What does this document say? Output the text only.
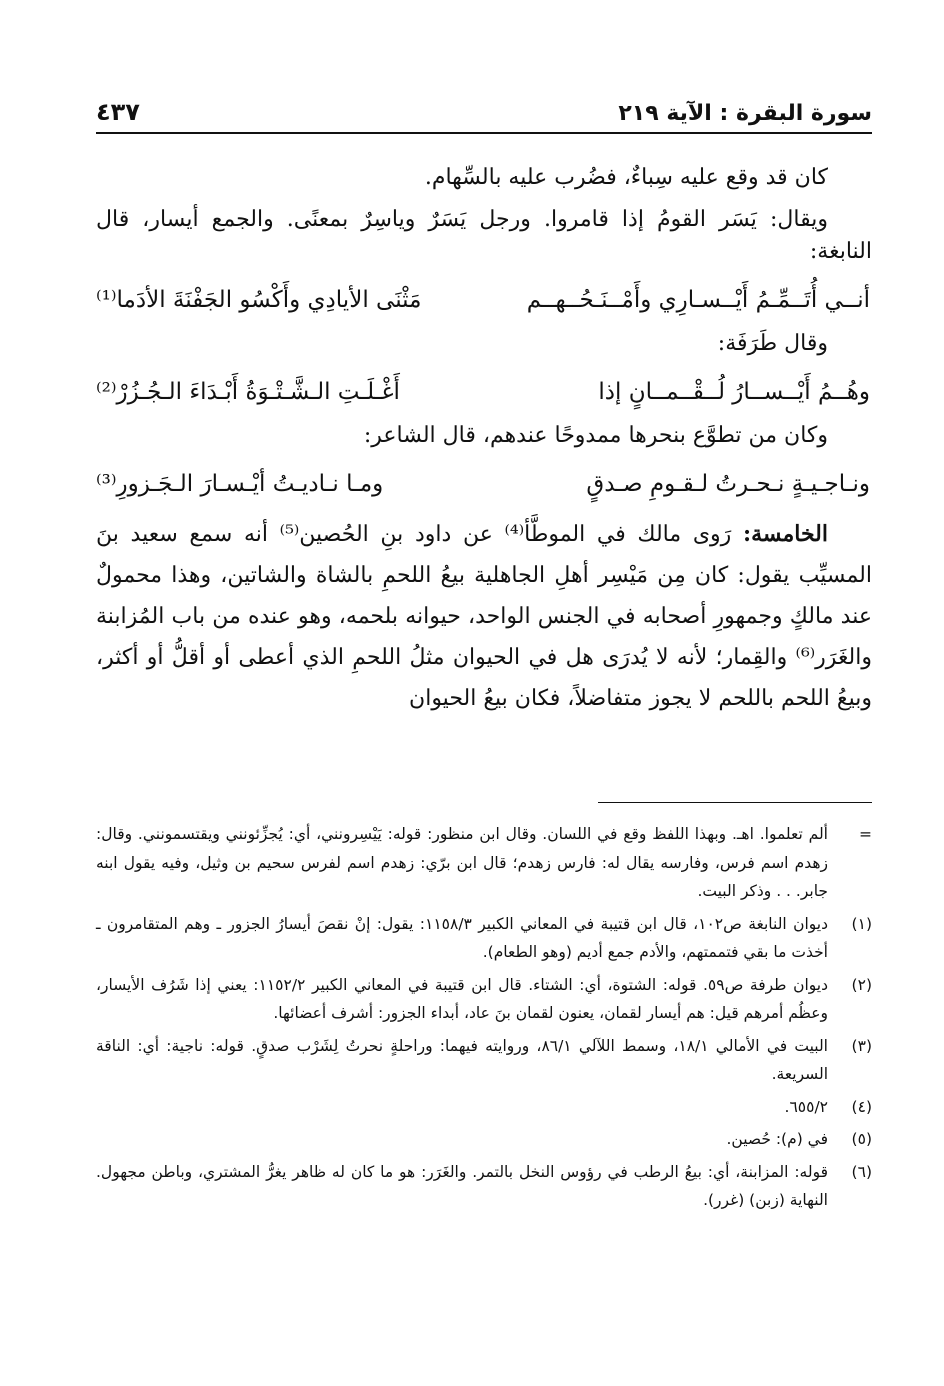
سورة البقرة : الآية ٢١٩
٤٣٧

كان قد وقع عليه سِباءٌ، فضُرب عليه بالسِّهام.

ويقال: يَسَر القومُ إذا قامروا. ورجل يَسَرٌ وياسِرٌ بمعنًى. والجمع أيسار، قال النابغة:

أنــي أُتَــمِّـمُ أَيْــسـارِي وأَمْــنَـحُــهــم
مَثْنَى الأيادِي وأَكْسُو الجَفْنَةَ الأدَما⁽¹⁾

وقال طَرَفَة:

وهُــمُ أَيْــســارُ لُــقْــمــانٍ إذا
أَغْـلَـتِ الـشَّـتْـوَةُ أَبْـدَاءَ الـجُـزُرْ⁽²⁾

وكان من تطوَّع بنحرها ممدوحًا عندهم، قال الشاعر:

ونـاجـيـةٍ نـحـرتُ لـقـومِ صـدقٍ
ومـا نـاديـتُ أيْـسـارَ الـجَـزورِ⁽³⁾

الخامسة: رَوى مالك في الموطَّأ⁽⁴⁾ عن داود بنِ الحُصين⁽⁵⁾ أنه سمع سعيد بنَ المسيِّب يقول: كان مِن مَيْسِر أهلِ الجاهلية بيعُ اللحمِ بالشاة والشاتين، وهذا محمولٌ عند مالكٍ وجمهورِ أصحابه في الجنس الواحد، حيوانه بلحمه، وهو عنده من باب المُزابنة والغَرَر⁽⁶⁾ والقِمار؛ لأنه لا يُدرَى هل في الحيوان مثلُ اللحمِ الذي أعطى أو أقلُّ أو أكثر، وبيعُ اللحم باللحم لا يجوز متفاضلاً، فكان بيعُ الحيوان

=
ألم تعلموا. اهـ. وبهذا اللفظ وقع في اللسان. وقال ابن منظور: قوله: يَيْسِرونني، أي: يُجزِّئونني ويقتسمونني. وقال: زهدم اسم فرس، وفارسه يقال له: فارس زهدم؛ قال ابن برّي: زهدم اسم لفرس سحيم بن وثيل، وفيه يقول ابنه جابر. . . وذكر البيت.
(١)
ديوان النابغة ص١٠٢، قال ابن قتيبة في المعاني الكبير ١١٥٨/٣: يقول: إنْ نقصَ أيسارُ الجزور ـ وهم المتقامرون ـ أخذت ما بقي فتممتهم، والأدم جمع أديم (وهو الطعام).
(٢)
ديوان طرفة ص٥٩. قوله: الشتوة، أي: الشتاء. قال ابن قتيبة في المعاني الكبير ١١٥٢/٢: يعني إذا شَرُف الأيسار، وعظُم أمرهم قيل: هم أيسار لقمان، يعنون لقمان بنَ عاد، أبداء الجزور: أشرف أعضائها.
(٣)
البيت في الأمالي ١٨/١، وسمط اللآلي ٨٦/١، وروايته فيهما: وراحلةٍ نحرتُ لِشَرْب صدقٍ. قوله: ناجية: أي: الناقة السريعة.
(٤)
٦٥٥/٢.
(٥)
في (م): حُصين.
(٦)
قوله: المزابنة، أي: بيعُ الرطب في رؤوس النخل بالتمر. والغَرَر: هو ما كان له ظاهر يغرُّ المشتري، وباطن مجهول. النهاية (زبن) (غرر).
